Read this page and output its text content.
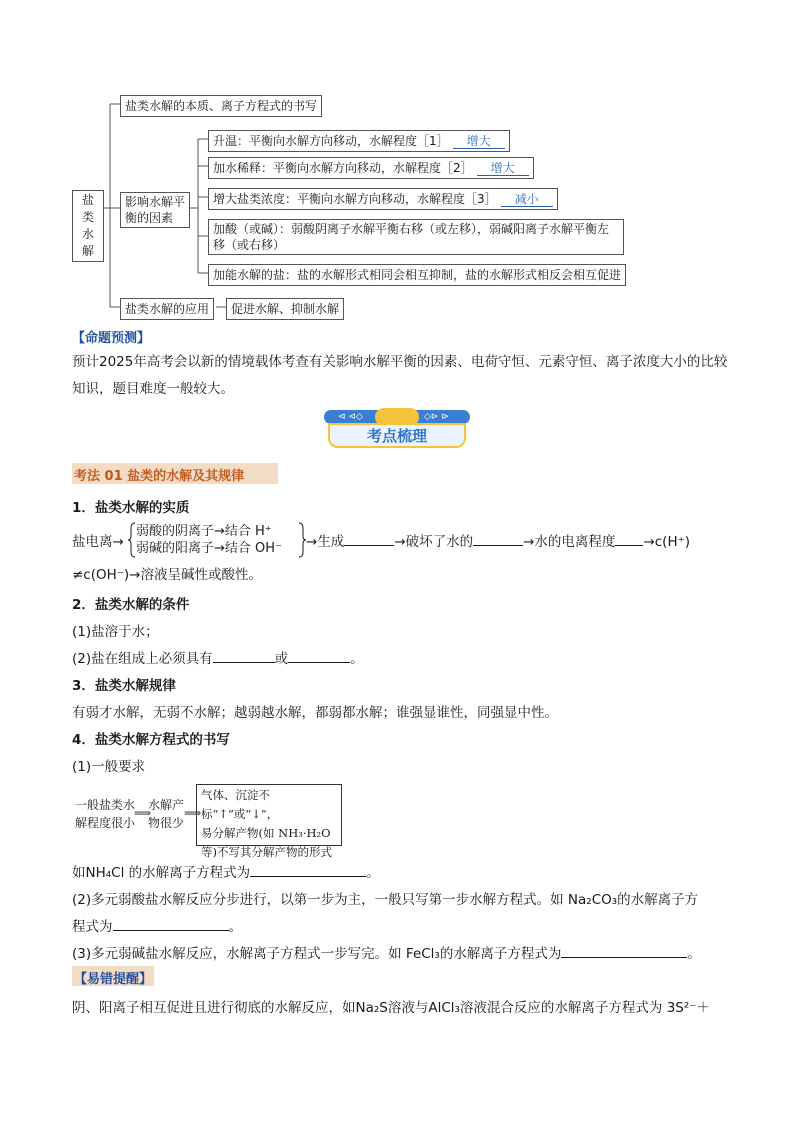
盐类水解
盐类水解的本质、离子方程式的书写
影响水解平衡的因素
盐类水解的应用	促进水解、抑制水解
升温：平衡向水解方向移动，水解程度［1］ 增大
加水稀释：平衡向水解方向移动，水解程度［2］ 增大
增大盐类浓度：平衡向水解方向移动，水解程度［3］ 减小
加酸（或碱）：弱酸阴离子水解平衡右移（或左移），弱碱阳离子水解平衡左移（或右移）
加能水解的盐：盐的水解形式相同会相互抑制，盐的水解形式相反会相互促进
【命题预测】
预计2025年高考会以新的情境载体考查有关影响水解平衡的因素、电荷守恒、元素守恒、离子浓度大小的比较知识，题目难度一般较大。
⊲ ⊲◇	◇⊳ ⊳
考点梳理
考法 01 盐类的水解及其规律
1．盐类水解的实质
盐电离→
弱酸的阴离子→结合 H⁺
弱碱的阳离子→结合 OH⁻ →生成	→破坏了水的	→水的电离程度 →c(H⁺)
≠c(OH⁻)→溶液呈碱性或酸性。
2．盐类水解的条件
(1)盐溶于水；
(2)盐在组成上必须具有	或	。
3．盐类水解规律
有弱才水解，无弱不水解；越弱越水解，都弱都水解；谁强显谁性，同强显中性。
4．盐类水解方程式的书写
(1)一般要求
一般盐类水
解程度很小
⟹
水解产
物很少
⟹
气体、沉淀不标“↑”或“↓”，
易分解产物(如 NH₃·H₂O
等)不写其分解产物的形式
如NH₄Cl 的水解离子方程式为	。
(2)多元弱酸盐水解反应分步进行，以第一步为主，一般只写第一步水解方程式。如 Na₂CO₃的水解离子方
程式为	。
(3)多元弱碱盐水解反应，水解离子方程式一步写完。如 FeCl₃的水解离子方程式为	。
【易错提醒】
阴、阳离子相互促进且进行彻底的水解反应，如Na₂S溶液与AlCl₃溶液混合反应的水解离子方程式为 3S²⁻＋
